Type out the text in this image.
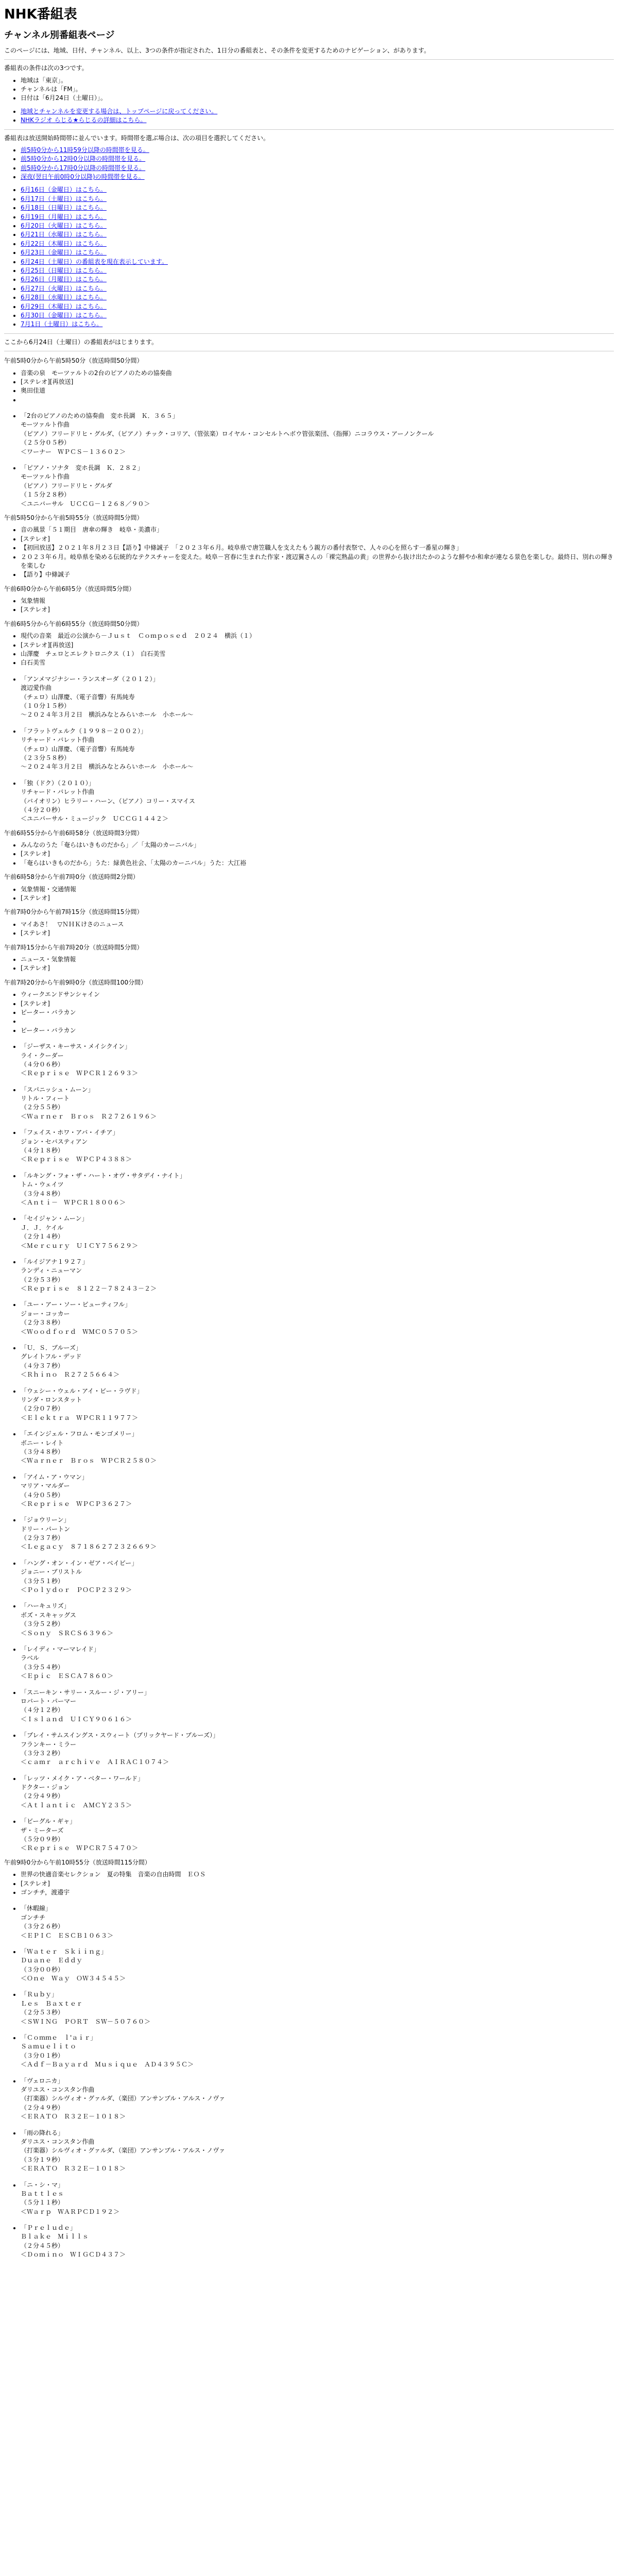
NHK番組表
チャンネル別番組表ページ

このページには、地域、日付、チャンネル、以上、3つの条件が指定された、1日分の番組表と、その条件を変更するためのナビゲーション、があります。

番組表の条件は次の3つです。

• 地域は「東京」。
• チャンネルは「FM」。
• 日付は「6月24日（土曜日）」。
• 地域とチャンネルを変更する場合は、トップページに戻ってください。
• NHKラジオ らじる★らじるの詳細はこちら。

番組表は放送開始時間帯に並んでいます。時間帯を選ぶ場合は、次の項目を選択してください。

• 前5時0分から11時59分以降の時間帯を見る。
• 前5時0分から12時0分以降の時間帯を見る。
• 前5時0分から17時0分以降の時間帯を見る。
• 深夜(翌日午前0時0分以降)の時間帯を見る。
• 6月16日（金曜日）はこちら。
• 6月17日（土曜日）はこちら。
• 6月18日（日曜日）はこちら。
• 6月19日（月曜日）はこちら。
• 6月20日（火曜日）はこちら。
• 6月21日（水曜日）はこちら。
• 6月22日（木曜日）はこちら。
• 6月23日（金曜日）はこちら。
• 6月24日（土曜日）の番組表を現在表示しています。
• 6月25日（日曜日）はこちら。
• 6月26日（月曜日）はこちら。
• 6月27日（火曜日）はこちら。
• 6月28日（水曜日）はこちら。
• 6月29日（木曜日）はこちら。
• 6月30日（金曜日）はこちら。
• 7月1日（土曜日）はこちら。

ここから6月24日（土曜日）の番組表がはじまります。

午前5時0分から午前5時50分（放送時間50分間）

• 音楽の泉　モーツァルトの2台のピアノのための協奏曲
• [ステレオ][再放送]
• 奥田佳道
•
• 「2台のピアノのための協奏曲　変ホ長調　Ｋ．３６５」
モーツァルト作曲
（ピアノ）フリードリヒ・グルダ、（ピアノ）チック・コリア、（管弦楽）ロイヤル・コンセルトヘボウ管弦楽団、（指揮）ニコラウス・アーノンクール
（２５分０５秒）
＜ワーナー　ＷＰＣＳ－１３６０２＞
• 「ピアノ・ソナタ　変ホ長調　Ｋ．２８２」
モーツァルト作曲
（ピアノ）フリードリヒ・グルダ
（１５分２８秒）
＜ユニバーサル　ＵＣＣＧ－１２６８／９０＞

午前5時50分から午前5時55分（放送時間5分間）

• 音の風景「５１期目　唐傘の輝き　岐阜・美濃市」
• [ステレオ]
• 【初回放送】２０２１年８月２３日【語り】中條誠子　「２０２３年６月。岐阜県で唐笠職人を支えたもう親方の番付表祭で、人々の心を照らす一番星の輝き」
• ２０２３年６月。岐阜県を染める伝統的なテクスチャーを変えた。岐阜－宮春に生まれた作家・渡辺翼さんの「裸完熟晶の黄」の世界から抜け出たかのような鮮やか和傘が連なる景色を楽しむ。最終日、別れの輝きを楽しむ
• 【語り】中條誠子

午前6時0分から午前6時5分（放送時間5分間）

• 気象情報
• [ステレオ]

午前6時5分から午前6時55分（放送時間50分間）

• 現代の音楽　最近の公演から－Ｊｕｓｔ　Ｃｏｍｐｏｓｅｄ　２０２４　横浜（１）
• [ステレオ][再放送]
• 山澤慶　チェロとエレクトロニクス（１）　白石美雪
• 白石美雪
• 「アンメマジナシー・ランスオーダ（２０１２）」
渡辺愛作曲
（チェロ）山澤慶、（電子音響）有馬純寿
（１０分１５秒）
～２０２４年３月２日　横浜みなとみらいホール　小ホール～
• 「フラットヴェルク（１９９８－２００２）」
リチャード・バレット作曲
（チェロ）山澤慶、（電子音響）有馬純寿
（２３分５８秒）
～２０２４年３月２日　横浜みなとみらいホール　小ホール～
• 「独（ドク）（２０１０）」
リチャード・バレット作曲
（バイオリン）ヒラリー・ハーン、（ピアノ）コリー・スマイス
（４分２０秒）
＜ユニバーサル・ミュージック　ＵＣＣＧ１４４２＞

午前6時55分から午前6時58分（放送時間3分間）

• みんなのうた「奄らはいきものだから」／「太陽のカーニバル」
• [ステレオ]
• 「奄らはいきものだから」うた：緑黄色社会、「太陽のカーニバル」うた：大江裕

午前6時58分から午前7時0分（放送時間2分間）

• 気象情報・交通情報
• [ステレオ]

午前7時0分から午前7時15分（放送時間15分間）

• マイあさ！　▽ＮＨＫけさのニュース
• [ステレオ]

午前7時15分から午前7時20分（放送時間5分間）

• ニュース・気象情報
• [ステレオ]

午前7時20分から午前9時0分（放送時間100分間）

• ウィークエンドサンシャイン
• [ステレオ]
• ピーター・バラカン
•
• ピーター・バラカン
• 「ジーザス・キーサス・メイシクイン」
ライ・クーダー
（４分０６秒）
＜Ｒｅｐｒｉｓｅ　ＷＰＣＲ１２６９３＞
• 「スパニッシュ・ムーン」
リトル・フィート
（２分５５秒）
＜Ｗａｒｎｅｒ　Ｂｒｏｓ　Ｒ２７２６１９６＞
• 「フェイス・ホワ・アバ・イチア」
ジョン・セバスティアン
（４分１８秒）
＜Ｒｅｐｒｉｓｅ　ＷＰＣＰ４３８８＞
• 「ルキング・フォ・ザ・ハート・オヴ・サタデイ・ナイト」
トム・ウェイツ
（３分４８秒）
＜Ａｎｔｉ－　ＷＰＣＲ１８００６＞
• 「セイジャン・ムーン」
Ｊ．Ｊ．ケイル
（２分１４秒）
＜Ｍｅｒｃｕｒｙ　ＵＩＣＹ７５６２９＞
• 「ルイジアナ１９２７」
ランディ・ニューマン
（２分５３秒）
＜Ｒｅｐｒｉｓｅ　８１２２－７８２４３－２＞
• 「ユー・アー・ソー・ビューティフル」
ジョー・コッカー
（２分３８秒）
＜Ｗｏｏｄｆｏｒｄ　ＷＭＣ０５７０５＞
• 「Ｕ．Ｓ．ブルーズ」
グレイトフル・デッド
（４分３７秒）
＜Ｒｈｉｎｏ　Ｒ２７２５６６４＞
• 「ウェシー・ウェル・アイ・ビー・ラヴド」
リンダ・ロンスタット
（２分０７秒）
＜Ｅｌｅｋｔｒａ　ＷＰＣＲ１１９７７＞
• 「エインジェル・フロム・モンゴメリー」
ボニー・レイト
（３分４８秒）
＜Ｗａｒｎｅｒ　Ｂｒｏｓ　ＷＰＣＲ２５８０＞
• 「アイム・ア・ウマン」
マリア・マルダー
（４分０５秒）
＜Ｒｅｐｒｉｓｅ　ＷＰＣＰ３６２７＞
• 「ジョウリーン」
ドリー・パートン
（２分３７秒）
＜Ｌｅｇａｃｙ　８７１８６２７２３２６６９＞
• 「ハング・オン・イン・ゼア・ベイビー」
ジョニー・ブリストル
（３分５１秒）
＜Ｐｏｌｙｄｏｒ　ＰＯＣＰ２３２９＞
• 「ハーキュリズ」
ボズ・スキャッグス
（３分５２秒）
＜Ｓｏｎｙ　ＳＲＣＳ６３９６＞
• 「レイディ・マーマレイド」
ラベル
（３分５４秒）
＜Ｅｐｉｃ　ＥＳＣＡ７８６０＞
• 「スニーキン・サリー・スルー・ジ・アリー」
ロバート・パーマー
（４分１２秒）
＜Ｉｓｌａｎｄ　ＵＩＣＹ９０６１６＞
• 「ブレイ・サムスイングス・スウィート（ブリックヤード・ブルーズ）」
フランキー・ミラー
（３分３２秒）
＜ｃａｍｒ　ａｒｃｈｉｖｅ　ＡＩＲＡＣ１０７４＞
• 「レッツ・メイク・ア・ベター・ワールド」
ドクター・ジョン
（２分４９秒）
＜Ａｔｌａｎｔｉｃ　ＡＭＣＹ２３５＞
• 「ビーグル・ギャ」
ザ・ミーターズ
（５分０９秒）
＜Ｒｅｐｒｉｓｅ　ＷＰＣＲ７５４７０＞

午前9時0分から午前10時55分（放送時間115分間）

• 世界の快適音楽セレクション　夏の特集　音楽の自由時間　ＥＯＳ
• [ステレオ]
• ゴンチチ，渡邉宇
• 「休暇線」
ゴンチチ
（３分２６秒）
＜ＥＰＩＣ　ＥＳＣＢ１０６３＞
• 「Ｗａｔｅｒ　Ｓｋｉｉｎｇ」
Ｄｕａｎｅ　Ｅｄｄｙ
（３分００秒）
＜Ｏｎｅ　Ｗａｙ　ＯＷ３４５４５＞
• 「Ｒｕｂｙ」
Ｌｅｓ　Ｂａｘｔｅｒ
（２分５３秒）
＜ＳＷＩＮＧ　ＰＯＲＴ　ＳＷ－５０７６０＞
• 「Ｃｏｍｍｅ　ｌ'ａｉｒ」
Ｓａｍｕｅｌｉｔｏ
（３分０１秒）
＜Ａｄｆ－Ｂａｙａｒｄ　Ｍｕｓｉｑｕｅ　ＡＤ４３９５Ｃ＞
• 「ヴェロニカ」
ダリユス・コンスタン作曲
（打楽器）シルヴィオ・グァルダ、（楽団）アンサンブル・アルス・ノヴァ
（２分４９秒）
＜ＥＲＡＴＯ　Ｒ３２Ｅ－１０１８＞
• 「雨の降れる」
ダリユス・コンスタン作曲
（打楽器）シルヴィオ・グァルダ、（楽団）アンサンブル・アルス・ノヴァ
（３分１９秒）
＜ＥＲＡＴＯ　Ｒ３２Ｅ－１０１８＞
• 「ニ・シ・マ」
Ｂａｔｔｌｅｓ
（５分１１秒）
＜Ｗａｒｐ　ＷＡＲＰＣＤ１９２＞
• 「Ｐｒｅｌｕｄｅ」
Ｂｌａｋｅ　Ｍｉｌｌｓ
（２分４５秒）
＜Ｄｏｍｉｎｏ　ＷＩＧＣＤ４３７＞
